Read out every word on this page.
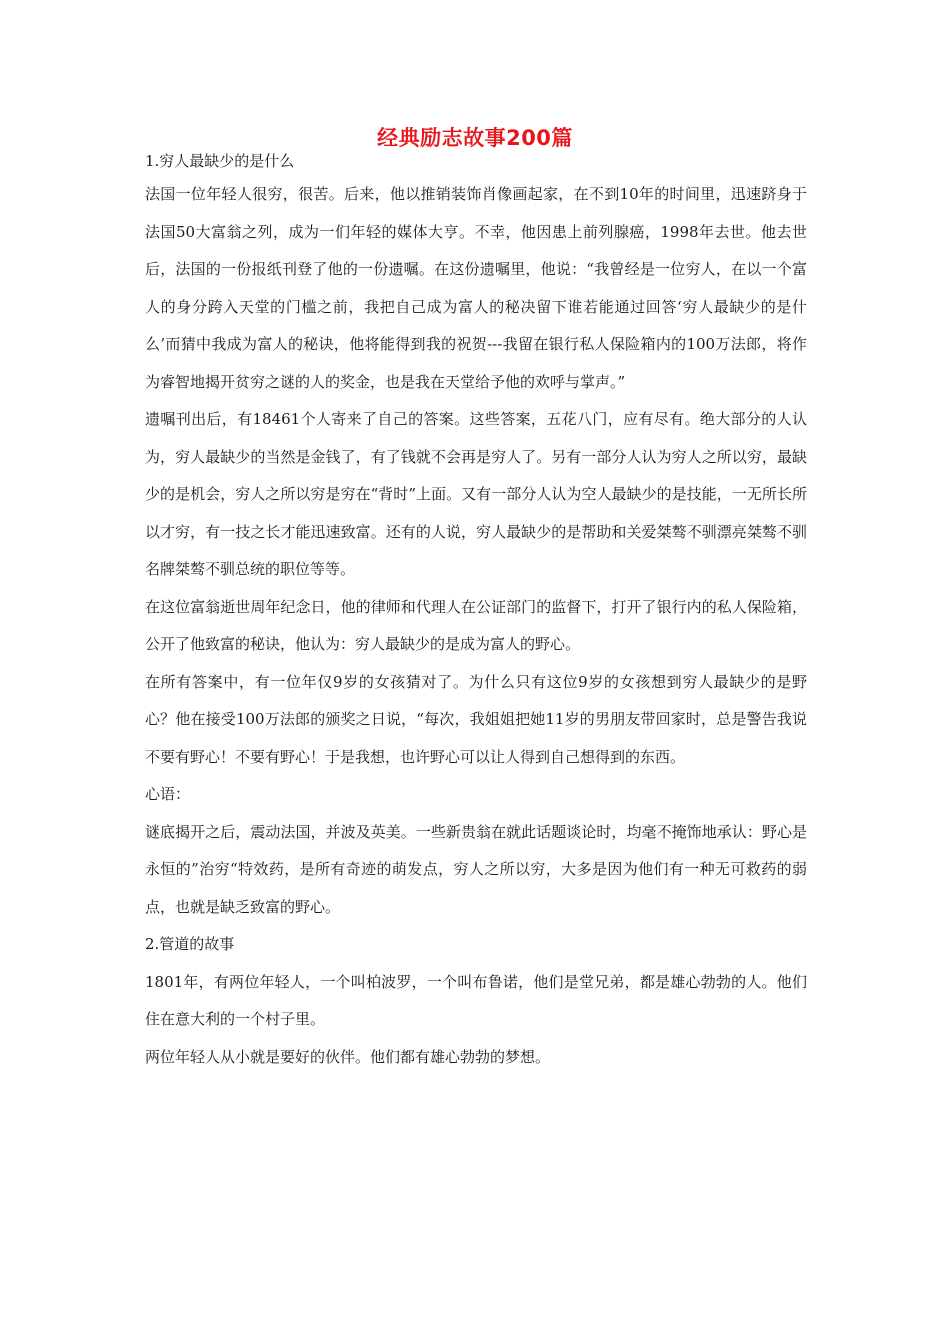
经典励志故事200篇

1.穷人最缺少的是什么

法国一位年轻人很穷，很苦。后来，他以推销装饰肖像画起家，在不到10年的时间里，迅速跻身于法国50大富翁之列，成为一们年轻的媒体大亨。不幸，他因患上前列腺癌，1998年去世。他去世后，法国的一份报纸刊登了他的一份遗嘱。在这份遗嘱里，他说：“我曾经是一位穷人，在以一个富人的身分跨入天堂的门槛之前，我把自己成为富人的秘决留下谁若能通过回答‘穷人最缺少的是什么’而猜中我成为富人的秘诀，他将能得到我的祝贺---我留在银行私人保险箱内的100万法郎，将作为睿智地揭开贫穷之谜的人的奖金，也是我在天堂给予他的欢呼与掌声。”

遗嘱刊出后，有18461个人寄来了自己的答案。这些答案，五花八门，应有尽有。绝大部分的人认为，穷人最缺少的当然是金钱了，有了钱就不会再是穷人了。另有一部分人认为穷人之所以穷，最缺少的是机会，穷人之所以穷是穷在“背时”上面。又有一部分人认为空人最缺少的是技能，一无所长所以才穷，有一技之长才能迅速致富。还有的人说，穷人最缺少的是帮助和关爱桀骜不驯漂亮桀骜不驯名牌桀骜不驯总统的职位等等。

在这位富翁逝世周年纪念日，他的律师和代理人在公证部门的监督下，打开了银行内的私人保险箱，公开了他致富的秘诀，他认为：穷人最缺少的是成为富人的野心。

在所有答案中，有一位年仅9岁的女孩猜对了。为什么只有这位9岁的女孩想到穷人最缺少的是野心？他在接受100万法郎的颁奖之日说，“每次，我姐姐把她11岁的男朋友带回家时，总是警告我说不要有野心！不要有野心！于是我想，也许野心可以让人得到自己想得到的东西。

心语：

谜底揭开之后，震动法国，并波及英美。一些新贵翁在就此话题谈论时，均毫不掩饰地承认：野心是永恒的”治穷“特效药，是所有奇迹的萌发点，穷人之所以穷，大多是因为他们有一种无可救药的弱点，也就是缺乏致富的野心。

2.管道的故事

1801年，有两位年轻人，一个叫柏波罗，一个叫布鲁诺，他们是堂兄弟，都是雄心勃勃的人。他们住在意大利的一个村子里。

两位年轻人从小就是要好的伙伴。他们都有雄心勃勃的梦想。
